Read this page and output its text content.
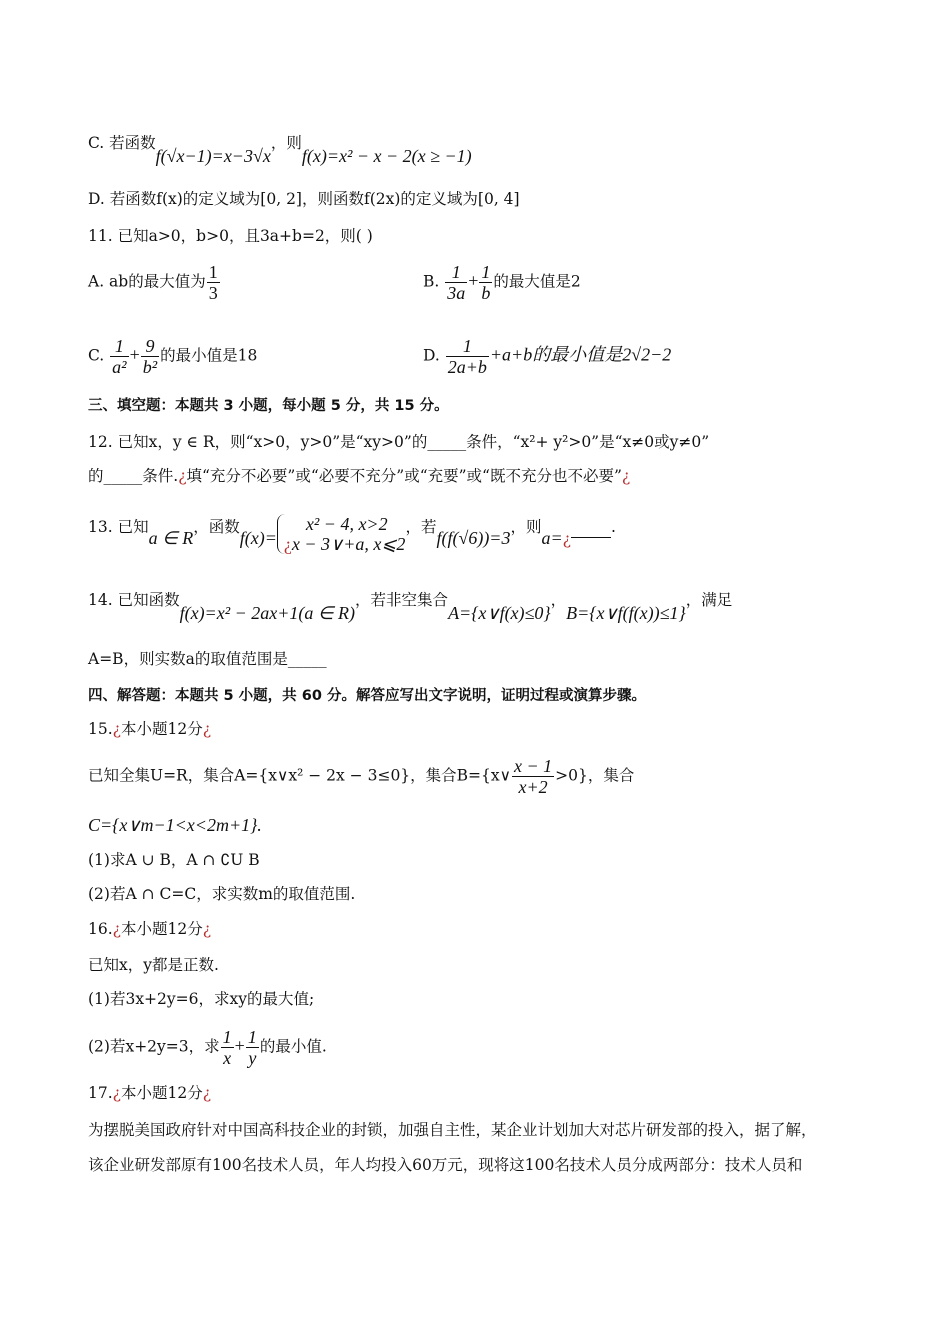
C. 若函数f(√x−1)=x−3√x，则f(x)=x² − x − 2(x ≥ −1)
D. 若函数f(x)的定义域为[0, 2]，则函数f(2x)的定义域为[0, 4]
11. 已知a>0，b>0，且3a+b=2，则( )
A. ab的最大值为 $\frac{1}{3}$	B. $\frac{1}{3a} + \frac{1}{b}$ 的最大值是2
C. $\frac{1}{\text{a²}} + \frac{9}{\text{b²}}$ 的最小值是18	D. $\frac{1}{2a+b} +a+b$的最小值是2√2−2
三、填空题：本题共 3 小题，每小题 5 分，共 15 分。
12. 已知x，y ∈ R，则“x>0，y>0”是“xy>0”的_____条件，“x²+ y²>0”是“x≠0或y≠0”
的_____条件.¿填“充分不必要”或“必要不充分”或“充要”或“既不充分也不必要”¿
13. 已知a ∈ R，函数f(x)=
x² − 4, x>2
¿x − 3∨+a, x⩽2
，若f(f(√6))=3，则a=¿.
14. 已知函数f(x)=x² − 2ax+1(a ∈ R)，若非空集合A={x∨f(x)≤0}，B={x∨f(f(x))≤1}，满足
A=B，则实数a的取值范围是_____
四、解答题：本题共 5 小题，共 60 分。解答应写出文字说明，证明过程或演算步骤。
15.¿本小题12分¿
已知全集U=R，集合A={x∨x² − 2x − 3≤0}，集合B={x∨ $\frac{x - 1}{x+2} >0$}，集合
C={x∨m−1<x<2m+1}.
(1)求A ∪ B，A ∩ ∁U B
(2)若A ∩ C=C，求实数m的取值范围.
16.¿本小题12分¿
已知x，y都是正数.
(1)若3x+2y=6，求xy的最大值;
(2)若x+2y=3，求 $\frac{1}{x} + \frac{1}{y}$ 的最小值.
17.¿本小题12分¿
为摆脱美国政府针对中国高科技企业的封锁，加强自主性，某企业计划加大对芯片研发部的投入，据了解，
该企业研发部原有100名技术人员，年人均投入60万元，现将这100名技术人员分成两部分：技术人员和
